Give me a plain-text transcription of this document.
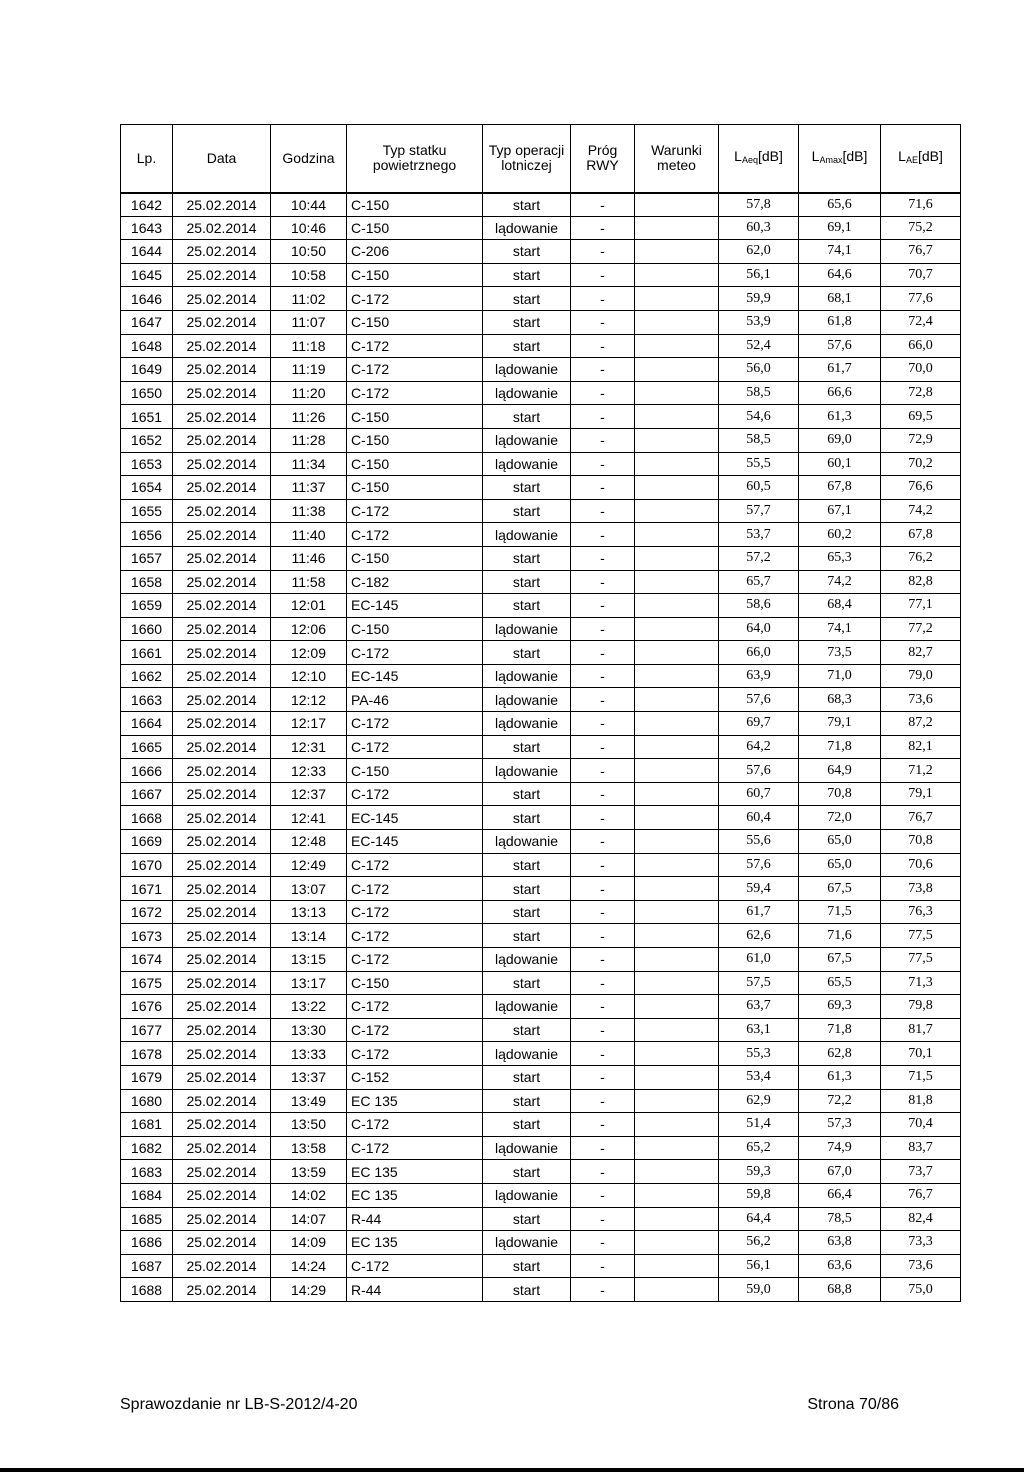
Lp.	Data	Godzina	Typ statku powietrznego	Typ operacji lotniczej	Próg RWY	Warunki meteo	$L_{Aeq}[dB]$	$L_{Amax}[dB]$	$L_{AE}[dB]$
1642	25.02.2014	10:44	C-150	start	-		57,8	65,6	71,6
1643	25.02.2014	10:46	C-150	lądowanie	-		60,3	69,1	75,2
1644	25.02.2014	10:50	C-206	start	-		62,0	74,1	76,7
1645	25.02.2014	10:58	C-150	start	-		56,1	64,6	70,7
1646	25.02.2014	11:02	C-172	start	-		59,9	68,1	77,6
1647	25.02.2014	11:07	C-150	start	-		53,9	61,8	72,4
1648	25.02.2014	11:18	C-172	start	-		52,4	57,6	66,0
1649	25.02.2014	11:19	C-172	lądowanie	-		56,0	61,7	70,0
1650	25.02.2014	11:20	C-172	lądowanie	-		58,5	66,6	72,8
1651	25.02.2014	11:26	C-150	start	-		54,6	61,3	69,5
1652	25.02.2014	11:28	C-150	lądowanie	-		58,5	69,0	72,9
1653	25.02.2014	11:34	C-150	lądowanie	-		55,5	60,1	70,2
1654	25.02.2014	11:37	C-150	start	-		60,5	67,8	76,6
1655	25.02.2014	11:38	C-172	start	-		57,7	67,1	74,2
1656	25.02.2014	11:40	C-172	lądowanie	-		53,7	60,2	67,8
1657	25.02.2014	11:46	C-150	start	-		57,2	65,3	76,2
1658	25.02.2014	11:58	C-182	start	-		65,7	74,2	82,8
1659	25.02.2014	12:01	EC-145	start	-		58,6	68,4	77,1
1660	25.02.2014	12:06	C-150	lądowanie	-		64,0	74,1	77,2
1661	25.02.2014	12:09	C-172	start	-		66,0	73,5	82,7
1662	25.02.2014	12:10	EC-145	lądowanie	-		63,9	71,0	79,0
1663	25.02.2014	12:12	PA-46	lądowanie	-		57,6	68,3	73,6
1664	25.02.2014	12:17	C-172	lądowanie	-		69,7	79,1	87,2
1665	25.02.2014	12:31	C-172	start	-		64,2	71,8	82,1
1666	25.02.2014	12:33	C-150	lądowanie	-		57,6	64,9	71,2
1667	25.02.2014	12:37	C-172	start	-		60,7	70,8	79,1
1668	25.02.2014	12:41	EC-145	start	-		60,4	72,0	76,7
1669	25.02.2014	12:48	EC-145	lądowanie	-		55,6	65,0	70,8
1670	25.02.2014	12:49	C-172	start	-		57,6	65,0	70,6
1671	25.02.2014	13:07	C-172	start	-		59,4	67,5	73,8
1672	25.02.2014	13:13	C-172	start	-		61,7	71,5	76,3
1673	25.02.2014	13:14	C-172	start	-		62,6	71,6	77,5
1674	25.02.2014	13:15	C-172	lądowanie	-		61,0	67,5	77,5
1675	25.02.2014	13:17	C-150	start	-		57,5	65,5	71,3
1676	25.02.2014	13:22	C-172	lądowanie	-		63,7	69,3	79,8
1677	25.02.2014	13:30	C-172	start	-		63,1	71,8	81,7
1678	25.02.2014	13:33	C-172	lądowanie	-		55,3	62,8	70,1
1679	25.02.2014	13:37	C-152	start	-		53,4	61,3	71,5
1680	25.02.2014	13:49	EC 135	start	-		62,9	72,2	81,8
1681	25.02.2014	13:50	C-172	start	-		51,4	57,3	70,4
1682	25.02.2014	13:58	C-172	lądowanie	-		65,2	74,9	83,7
1683	25.02.2014	13:59	EC 135	start	-		59,3	67,0	73,7
1684	25.02.2014	14:02	EC 135	lądowanie	-		59,8	66,4	76,7
1685	25.02.2014	14:07	R-44	start	-		64,4	78,5	82,4
1686	25.02.2014	14:09	EC 135	lądowanie	-		56,2	63,8	73,3
1687	25.02.2014	14:24	C-172	start	-		56,1	63,6	73,6
1688	25.02.2014	14:29	R-44	start	-		59,0	68,8	75,0
Sprawozdanie nr LB-S-2012/4-20	Strona 70/86
